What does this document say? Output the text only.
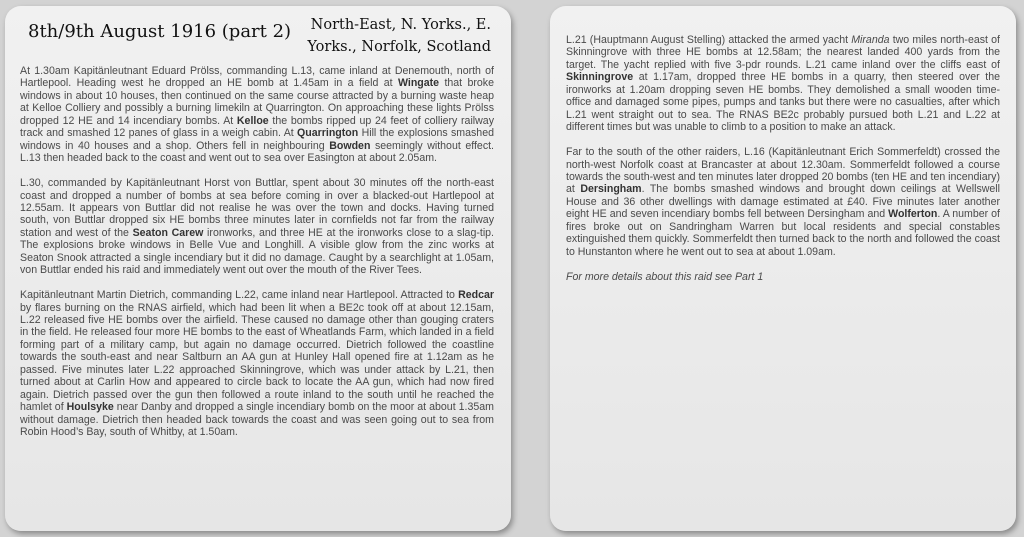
8th/9th August 1916 (part 2) North-East, N. Yorks., E.
Yorks., Norfolk, Scotland

At 1.30am Kapitänleutnant Eduard Prölss, commanding L.13, came inland at Denemouth, north of Hartlepool. Heading west he dropped an HE bomb at 1.45am in a field at Wingate that broke windows in about 10 houses, then continued on the same course attracted by a burning waste heap at Kelloe Colliery and possibly a burning limekiln at Quarrington. On approaching these lights Prölss dropped 12 HE and 14 incendiary bombs. At Kelloe the bombs ripped up 24 feet of colliery railway track and smashed 12 panes of glass in a weigh cabin. At Quarrington Hill the explosions smashed windows in 40 houses and a shop. Others fell in neighbouring Bowden seemingly without effect. L.13 then headed back to the coast and went out to sea over Easington at about 2.05am.

L.30, commanded by Kapitänleutnant Horst von Buttlar, spent about 30 minutes off the north-east coast and dropped a number of bombs at sea before coming in over a blacked-out Hartlepool at 12.55am. It appears von Buttlar did not realise he was over the town and docks. Having turned south, von Buttlar dropped six HE bombs three minutes later in cornfields not far from the railway station and west of the Seaton Carew ironworks, and three HE at the ironworks close to a slag-tip. The explosions broke windows in Belle Vue and Longhill. A visible glow from the zinc works at Seaton Snook attracted a single incendiary but it did no damage. Caught by a searchlight at 1.05am, von Buttlar ended his raid and immediately went out over the mouth of the River Tees.

Kapitänleutnant Martin Dietrich, commanding L.22, came inland near Hartlepool. Attracted to Redcar by flares burning on the RNAS airfield, which had been lit when a BE2c took off at about 12.15am, L.22 released five HE bombs over the airfield. These caused no damage other than gouging craters in the field. He released four more HE bombs to the east of Wheatlands Farm, which landed in a field forming part of a military camp, but again no damage occurred. Dietrich followed the coastline towards the south-east and near Saltburn an AA gun at Hunley Hall opened fire at 1.12am as he passed. Five minutes later L.22 approached Skinningrove, which was under attack by L.21, then turned about at Carlin How and appeared to circle back to locate the AA gun, which had now fired again. Dietrich passed over the gun then followed a route inland to the south until he reached the hamlet of Houlsyke near Danby and dropped a single incendiary bomb on the moor at about 1.35am without damage. Dietrich then headed back towards the coast and was seen going out to sea from Robin Hood’s Bay, south of Whitby, at 1.50am.

L.21 (Hauptmann August Stelling) attacked the armed yacht Miranda two miles north-east of Skinningrove with three HE bombs at 12.58am; the nearest landed 400 yards from the target. The yacht replied with five 3-pdr rounds. L.21 came inland over the cliffs east of Skinningrove at 1.17am, dropped three HE bombs in a quarry, then steered over the ironworks at 1.20am dropping seven HE bombs. They demolished a small wooden time-office and damaged some pipes, pumps and tanks but there were no casualties, after which L.21 went straight out to sea. The RNAS BE2c probably pursued both L.21 and L.22 at different times but was unable to climb to a position to make an attack.

Far to the south of the other raiders, L.16 (Kapitänleutnant Erich Sommerfeldt) crossed the north-west Norfolk coast at Brancaster at about 12.30am. Sommerfeldt followed a course towards the south-west and ten minutes later dropped 20 bombs (ten HE and ten incendiary) at Dersingham. The bombs smashed windows and brought down ceilings at Wellswell House and 36 other dwellings with damage estimated at £40. Five minutes later another eight HE and seven incendiary bombs fell between Dersingham and Wolferton. A number of fires broke out on Sandringham Warren but local residents and special constables extinguished them quickly. Sommerfeldt then turned back to the north and followed the coast to Hunstanton where he went out to sea at about 1.09am.

For more details about this raid see Part 1
